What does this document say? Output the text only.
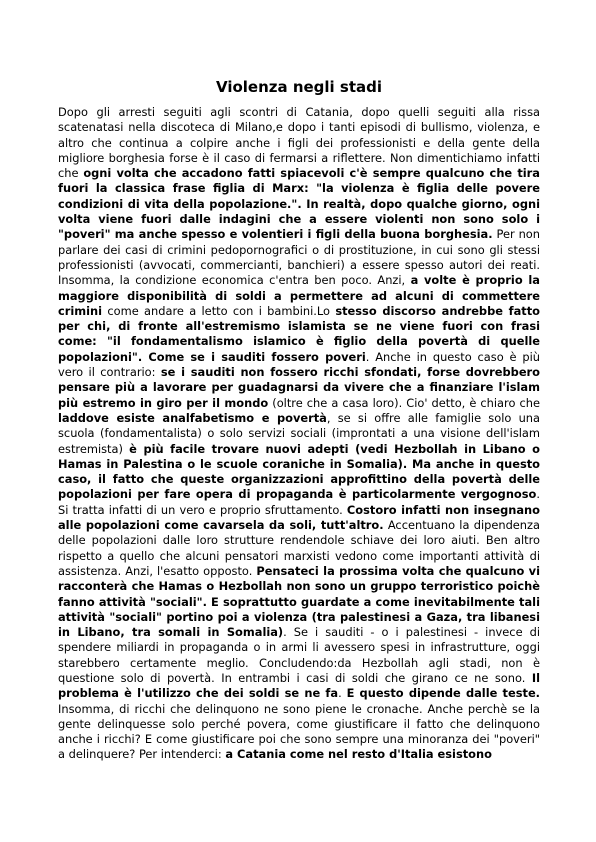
Violenza negli stadi

Dopo gli arresti seguiti agli scontri di Catania, dopo quelli seguiti alla rissa scatenatasi nella discoteca di Milano,e dopo i tanti episodi di bullismo, violenza, e altro che continua a colpire anche i figli dei professionisti e della gente della migliore borghesia forse è il caso di fermarsi a riflettere. Non dimentichiamo infatti che ogni volta che accadono fatti spiacevoli c'è sempre qualcuno che tira fuori la classica frase figlia di Marx: "la violenza è figlia delle povere condizioni di vita della popolazione.". In realtà, dopo qualche giorno, ogni volta viene fuori dalle indagini che a essere violenti non sono solo i "poveri" ma anche spesso e volentieri i figli della buona borghesia. Per non parlare dei casi di crimini pedopornografici o di prostituzione, in cui sono gli stessi professionisti (avvocati, commercianti, banchieri) a essere spesso autori dei reati. Insomma, la condizione economica c'entra ben poco. Anzi, a volte è proprio la maggiore disponibilità di soldi a permettere ad alcuni di commettere crimini come andare a letto con i bambini.Lo stesso discorso andrebbe fatto per chi, di fronte all'estremismo islamista se ne viene fuori con frasi come: "il fondamentalismo islamico è figlio della povertà di quelle popolazioni". Come se i sauditi fossero poveri. Anche in questo caso è più vero il contrario: se i sauditi non fossero ricchi sfondati, forse dovrebbero pensare più a lavorare per guadagnarsi da vivere che a finanziare l'islam più estremo in giro per il mondo (oltre che a casa loro). Cio' detto, è chiaro che laddove esiste analfabetismo e povertà, se si offre alle famiglie solo una scuola (fondamentalista) o solo servizi sociali (improntati a una visione dell'islam estremista) è più facile trovare nuovi adepti (vedi Hezbollah in Libano o Hamas in Palestina o le scuole coraniche in Somalia). Ma anche in questo caso, il fatto che queste organizzazioni approfittino della povertà delle popolazioni per fare opera di propaganda è particolarmente vergognoso. Si tratta infatti di un vero e proprio sfruttamento. Costoro infatti non insegnano alle popolazioni come cavarsela da soli, tutt'altro. Accentuano la dipendenza delle popolazioni dalle loro strutture rendendole schiave dei loro aiuti. Ben altro rispetto a quello che alcuni pensatori marxisti vedono come importanti attività di assistenza. Anzi, l'esatto opposto. Pensateci la prossima volta che qualcuno vi racconterà che Hamas o Hezbollah non sono un gruppo terroristico poichè fanno attività "sociali". E soprattutto guardate a come inevitabilmente tali attività "sociali" portino poi a violenza (tra palestinesi a Gaza, tra libanesi in Libano, tra somali in Somalia). Se i sauditi - o i palestinesi - invece di spendere miliardi in propaganda o in armi li avessero spesi in infrastrutture, oggi starebbero certamente meglio. Concludendo:da Hezbollah agli stadi, non è questione solo di povertà. In entrambi i casi di soldi che girano ce ne sono. Il problema è l'utilizzo che dei soldi se ne fa. E questo dipende dalle teste. Insomma, di ricchi che delinquono ne sono piene le cronache. Anche perchè se la gente delinquesse solo perché povera, come giustificare il fatto che delinquono anche i ricchi? E come giustificare poi che sono sempre una minoranza dei "poveri" a delinquere? Per intenderci: a Catania come nel resto d'Italia esistono
